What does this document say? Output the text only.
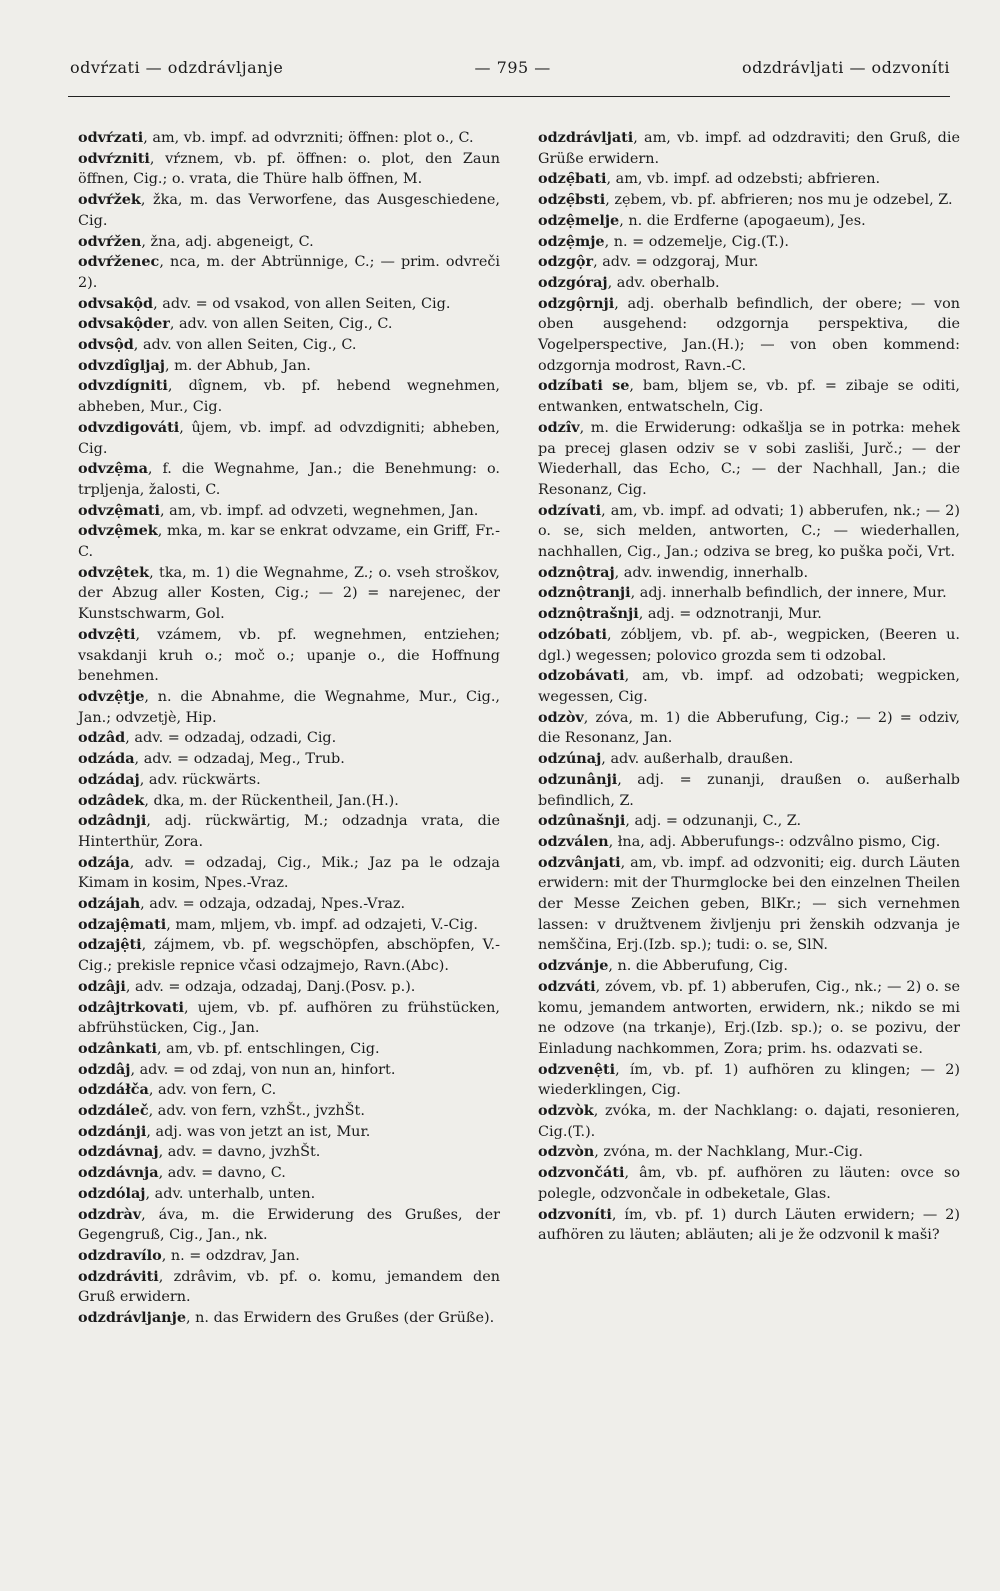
odvŕzati — odzdrávljanje	— 795 —	odzdrávljati — odzvoníti

odvŕzati, am, vb. impf. ad odvrzniti; öffnen: plot o., C.

odvŕzniti, vŕznem, vb. pf. öffnen: o. plot, den Zaun öffnen, Cig.; o. vrata, die Thüre halb öffnen, M.

odvŕžek, žka, m. das Verworfene, das Ausgeschiedene, Cig.

odvŕžen, žna, adj. abgeneigt, C.

odvŕženec, nca, m. der Abtrünnige, C.; — prim. odvreči 2).

odvsakộd, adv. = od vsakod, von allen Seiten, Cig.

odvsakộder, adv. von allen Seiten, Cig., C.

odvsộd, adv. von allen Seiten, Cig., C.

odvzdîgljaj, m. der Abhub, Jan.

odvzdígniti, dîgnem, vb. pf. hebend wegnehmen, abheben, Mur., Cig.

odvzdigováti, ûjem, vb. impf. ad odvzdigniti; abheben, Cig.

odvzệma, f. die Wegnahme, Jan.; die Benehmung: o. trpljenja, žalosti, C.

odvzệmati, am, vb. impf. ad odvzeti, wegnehmen, Jan.

odvzệmek, mka, m. kar se enkrat odvzame, ein Griff, Fr.-C.

odvzệtek, tka, m. 1) die Wegnahme, Z.; o. vseh stroškov, der Abzug aller Kosten, Cig.; — 2) = narejenec, der Kunstschwarm, Gol.

odvzệti, vzámem, vb. pf. wegnehmen, entziehen; vsakdanji kruh o.; moč o.; upanje o., die Hoffnung benehmen.

odvzệtje, n. die Abnahme, die Wegnahme, Mur., Cig., Jan.; odvzetjè, Hip.

odzâd, adv. = odzadaj, odzadi, Cig.

odzáda, adv. = odzadaj, Meg., Trub.

odzádaj, adv. rückwärts.

odzâdek, dka, m. der Rückentheil, Jan.(H.).

odzâdnji, adj. rückwärtig, M.; odzadnja vrata, die Hinterthür, Zora.

odzája, adv. = odzadaj, Cig., Mik.; Jaz pa le odzaja Kimam in kosim, Npes.-Vraz.

odzájah, adv. = odzaja, odzadaj, Npes.-Vraz.

odzajệmati, mam, mljem, vb. impf. ad odzajeti, V.-Cig.

odzajệti, zájmem, vb. pf. wegschöpfen, abschöpfen, V.-Cig.; prekisle repnice včasi odzajmejo, Ravn.(Abc).

odzâji, adv. = odzaja, odzadaj, Danj.(Posv. p.).

odzâjtrkovati, ujem, vb. pf. aufhören zu frühstücken, abfrühstücken, Cig., Jan.

odzânkati, am, vb. pf. entschlingen, Cig.

odzdâj, adv. = od zdaj, von nun an, hinfort.

odzdáłča, adv. von fern, C.

odzdáleč, adv. von fern, vzhŠt., jvzhŠt.

odzdánji, adj. was von jetzt an ist, Mur.

odzdávnaj, adv. = davno, jvzhŠt.

odzdávnja, adv. = davno, C.

odzdólaj, adv. unterhalb, unten.

odzdràv, áva, m. die Erwiderung des Grußes, der Gegengruß, Cig., Jan., nk.

odzdravílo, n. = odzdrav, Jan.

odzdráviti, zdrâvim, vb. pf. o. komu, jemandem den Gruß erwidern.

odzdrávljanje, n. das Erwidern des Grußes (der Grüße).

odzdrávljati, am, vb. impf. ad odzdraviti; den Gruß, die Grüße erwidern.

odzẹ̑bati, am, vb. impf. ad odzebsti; abfrieren.

odzẹ̑bsti, zẹbem, vb. pf. abfrieren; nos mu je odzebel, Z.

odzệmelje, n. die Erdferne (apogaeum), Jes.

odzệmje, n. = odzemelje, Cig.(T.).

odzgộr, adv. = odzgoraj, Mur.

odzgóraj, adv. oberhalb.

odzgộrnji, adj. oberhalb befindlich, der obere; — von oben ausgehend: odzgornja perspektiva, die Vogelperspective, Jan.(H.); — von oben kommend: odzgornja modrost, Ravn.-C.

odzíbati se, bam, bljem se, vb. pf. = zibaje se oditi, entwanken, entwatscheln, Cig.

odzîv, m. die Erwiderung: odkašlja se in potrka: mehek pa precej glasen odziv se v sobi zasliši, Jurč.; — der Wiederhall, das Echo, C.; — der Nachhall, Jan.; die Resonanz, Cig.

odzívati, am, vb. impf. ad odvati; 1) abberufen, nk.; — 2) o. se, sich melden, antworten, C.; — wiederhallen, nachhallen, Cig., Jan.; odziva se breg, ko puška poči, Vrt.

odznộtraj, adv. inwendig, innerhalb.

odznộtranji, adj. innerhalb befindlich, der innere, Mur.

odznộtrašnji, adj. = odznotranji, Mur.

odzóbati, zóbljem, vb. pf. ab-, wegpicken, (Beeren u. dgl.) wegessen; polovico grozda sem ti odzobal.

odzobávati, am, vb. impf. ad odzobati; wegpicken, wegessen, Cig.

odzòv, zóva, m. 1) die Abberufung, Cig.; — 2) = odziv, die Resonanz, Jan.

odzúnaj, adv. außerhalb, draußen.

odzunânji, adj. = zunanji, draußen o. außerhalb befindlich, Z.

odzûnašnji, adj. = odzunanji, C., Z.

odzválen, łna, adj. Abberufungs-: odzvâlno pismo, Cig.

odzvânjati, am, vb. impf. ad odzvoniti; eig. durch Läuten erwidern: mit der Thurmglocke bei den einzelnen Theilen der Messe Zeichen geben, BlKr.; — sich vernehmen lassen: v družtvenem življenju pri ženskih odzvanja je nemščina, Erj.(Izb. sp.); tudi: o. se, SlN.

odzvánje, n. die Abberufung, Cig.

odzváti, zóvem, vb. pf. 1) abberufen, Cig., nk.; — 2) o. se komu, jemandem antworten, erwidern, nk.; nikdo se mi ne odzove (na trkanje), Erj.(Izb. sp.); o. se pozivu, der Einladung nachkommen, Zora; prim. hs. odazvati se.

odzvenệti, ím, vb. pf. 1) aufhören zu klingen; — 2) wiederklingen, Cig.

odzvòk, zvóka, m. der Nachklang: o. dajati, resonieren, Cig.(T.).

odzvòn, zvóna, m. der Nachklang, Mur.-Cig.

odzvončáti, âm, vb. pf. aufhören zu läuten: ovce so polegle, odzvončale in odbeketale, Glas.

odzvoníti, ím, vb. pf. 1) durch Läuten erwidern; — 2) aufhören zu läuten; abläuten; ali je že odzvonil k maši?
